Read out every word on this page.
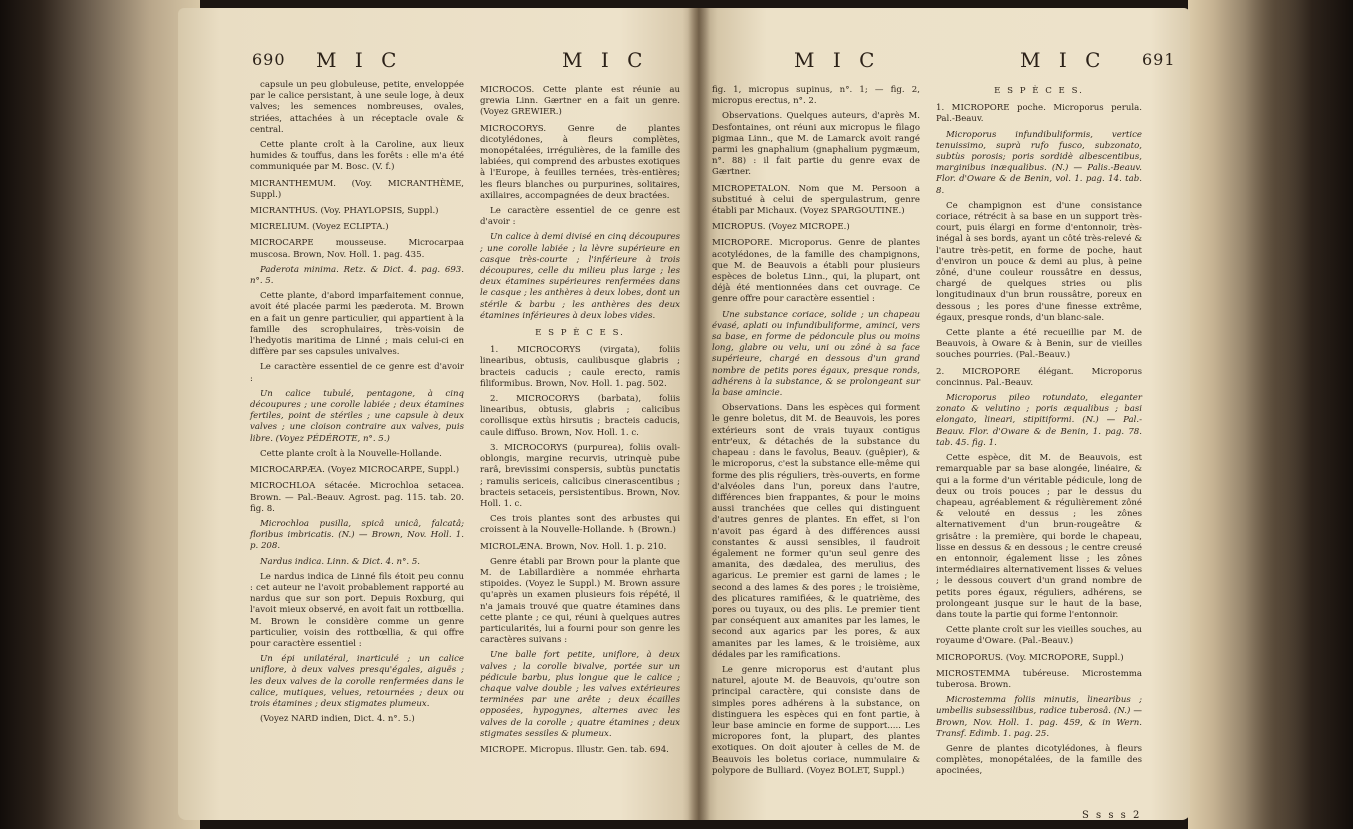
690 M I C	M I C	M I C	M I C 691

capsule un peu globuleuse, petite, enveloppée par le calice persistant, à une seule loge, à deux valves; les semences nombreuses, ovales, striées, attachées à un réceptacle ovale & central.

Cette plante croît à la Caroline, aux lieux humides & touffus, dans les forêts : elle m'a été communiquée par M. Bosc. (V. f.)

MICRANTHEMUM. (Voy. MICRANTHÈME, Suppl.)

MICRANTHUS. (Voy. PHAYLOPSIS, Suppl.)

MICRELIUM. (Voyez ECLIPTA.)

MICROCARPE mousseuse. Microcarpaa muscosa. Brown, Nov. Holl. 1. pag. 435.

Paderota minima. Retz. & Dict. 4. pag. 693. n°. 5.

Cette plante, d'abord imparfaitement connue, avoit été placée parmi les pæderota. M. Brown en a fait un genre particulier, qui appartient à la famille des scrophulaires, très-voisin de l'hedyotis maritima de Linné ; mais celui-ci en diffère par ses capsules univalves.

Le caractère essentiel de ce genre est d'avoir :

Un calice tubulé, pentagone, à cinq découpures ; une corolle labiée ; deux étamines fertiles, point de stériles ; une capsule à deux valves ; une cloison contraire aux valves, puis libre. (Voyez PÉDÉROTE, n°. 5.)

Cette plante croît à la Nouvelle-Hollande.

MICROCARPÆA. (Voyez MICROCARPE, Suppl.)

MICROCHLOA sétacée. Microchloa setacea. Brown. — Pal.-Beauv. Agrost. pag. 115. tab. 20. fig. 8.

Microchloa pusilla, spicâ unicâ, falcatâ; floribus imbricatis. (N.) — Brown, Nov. Holl. 1. p. 208.

Nardus indica. Linn. & Dict. 4. n°. 5.

Le nardus indica de Linné fils étoit peu connu : cet auteur ne l'avoit probablement rapporté au nardus que sur son port. Depuis Roxburg, qui l'avoit mieux observé, en avoit fait un rottbœllia. M. Brown le considère comme un genre particulier, voisin des rottbœllia, & qui offre pour caractère essentiel :

Un épi unilatéral, inarticulé ; un calice uniflore, à deux valves presqu'égales, aiguës ; les deux valves de la corolle renfermées dans le calice, mutiques, velues, retournées ; deux ou trois étamines ; deux stigmates plumeux.

(Voyez NARD indien, Dict. 4. n°. 5.)

MICROCOS. Cette plante est réunie au grewia Linn. Gærtner en a fait un genre. (Voyez GREWIER.)

MICROCORYS. Genre de plantes dicotylédones, à fleurs complètes, monopétalées, irrégulières, de la famille des labiées, qui comprend des arbustes exotiques à l'Europe, à feuilles ternées, très-entières; les fleurs blanches ou purpurines, solitaires, axillaires, accompagnées de deux bractées.

Le caractère essentiel de ce genre est d'avoir :

Un calice à demi divisé en cinq découpures ; une corolle labiée ; la lèvre supérieure en casque très-courte ; l'inférieure à trois découpures, celle du milieu plus large ; les deux étamines supérieures renfermées dans le casque ; les anthères à deux lobes, dont un stérile & barbu ; les anthères des deux étamines inférieures à deux lobes vides.

E S P È C E S.

1. MICROCORYS (virgata), foliis linearibus, obtusis, caulibusque glabris ; bracteis caducis ; caule erecto, ramis filiformibus. Brown, Nov. Holl. 1. pag. 502.

2. MICROCORYS (barbata), foliis linearibus, obtusis, glabris ; calicibus corollisque extùs hirsutis ; bracteis caducis, caule diffuso. Brown, Nov. Holl. 1. c.

3. MICROCORYS (purpurea), foliis ovali-oblongis, margine recurvis, utrinquè pube rarâ, brevissimi conspersis, subtùs punctatis ; ramulis sericeis, calicibus cinerascentibus ; bracteis setaceis, persistentibus. Brown, Nov. Holl. 1. c.

Ces trois plantes sont des arbustes qui croissent à la Nouvelle-Hollande. ♄ (Brown.)

MICROLÆNA. Brown, Nov. Holl. 1. p. 210.

Genre établi par Brown pour la plante que M. de Labillardière a nommée ehrharta stipoides. (Voyez le Suppl.) M. Brown assure qu'après un examen plusieurs fois répété, il n'a jamais trouvé que quatre étamines dans cette plante ; ce qui, réuni à quelques autres particularités, lui a fourni pour son genre les caractères suivans :

Une balle fort petite, uniflore, à deux valves ; la corolle bivalve, portée sur un pédicule barbu, plus longue que le calice ; chaque valve double ; les valves extérieures terminées par une arête ; deux écailles opposées, hypogynes, alternes avec les valves de la corolle ; quatre étamines ; deux stigmates sessiles & plumeux.

MICROPE. Micropus. Illustr. Gen. tab. 694.

fig. 1, micropus supinus, n°. 1; — fig. 2, micropus erectus, n°. 2.

Observations. Quelques auteurs, d'après M. Desfontaines, ont réuni aux micropus le filago pigmaa Linn., que M. de Lamarck avoit rangé parmi les gnaphalium (gnaphalium pygmæum, n°. 88) : il fait partie du genre evax de Gærtner.

MICROPETALON. Nom que M. Persoon a substitué à celui de spergulastrum, genre établi par Michaux. (Voyez SPARGOUTINE.)

MICROPUS. (Voyez MICROPE.)

MICROPORE. Microporus. Genre de plantes acotylédones, de la famille des champignons, que M. de Beauvois a établi pour plusieurs espèces de boletus Linn., qui, la plupart, ont déjà été mentionnées dans cet ouvrage. Ce genre offre pour caractère essentiel :

Une substance coriace, solide ; un chapeau évasé, aplati ou infundibuliforme, aminci, vers sa base, en forme de pédoncule plus ou moins long, glabre ou velu, uni ou zôné à sa face supérieure, chargé en dessous d'un grand nombre de petits pores égaux, presque ronds, adhérens à la substance, & se prolongeant sur la base amincie.

Observations. Dans les espèces qui forment le genre boletus, dit M. de Beauvois, les pores extérieurs sont de vrais tuyaux contigus entr'eux, & détachés de la substance du chapeau : dans le favolus, Beauv. (guêpier), & le microporus, c'est la substance elle-même qui forme des plis réguliers, très-ouverts, en forme d'alvéoles dans l'un, poreux dans l'autre, différences bien frappantes, & pour le moins aussi tranchées que celles qui distinguent d'autres genres de plantes. En effet, si l'on n'avoit pas égard à des différences aussi constantes & aussi sensibles, il faudroit également ne former qu'un seul genre des amanita, des dædalea, des merulius, des agaricus. Le premier est garni de lames ; le second a des lames & des pores ; le troisième, des plicatures ramifiées, & le quatrième, des pores ou tuyaux, ou des plis. Le premier tient par conséquent aux amanites par les lames, le second aux agarics par les pores, & aux amanites par les lames, & le troisième, aux dédales par les ramifications.

Le genre microporus est d'autant plus naturel, ajoute M. de Beauvois, qu'outre son principal caractère, qui consiste dans de simples pores adhérens à la substance, on distinguera les espèces qui en font partie, à leur base amincie en forme de support..... Les micropores font, la plupart, des plantes exotiques. On doit ajouter à celles de M. de Beauvois les boletus coriace, nummulaire & polypore de Bulliard. (Voyez BOLET, Suppl.)

E S P È C E S.

1. MICROPORE poche. Microporus perula. Pal.-Beauv.

Microporus infundibuliformis, vertice tenuissimo, suprà rufo fusco, subzonato, subtùs porosis; poris sordidè albescentibus, marginibus inæqualibus. (N.) — Palis.-Beauv. Flor. d'Oware & de Benin, vol. 1. pag. 14. tab. 8.

Ce champignon est d'une consistance coriace, rétrécit à sa base en un support très-court, puis élargi en forme d'entonnoir, très-inégal à ses bords, ayant un côté très-relevé & l'autre très-petit, en forme de poche, haut d'environ un pouce & demi au plus, à peine zôné, d'une couleur roussâtre en dessus, chargé de quelques stries ou plis longitudinaux d'un brun roussâtre, poreux en dessous ; les pores d'une finesse extrême, égaux, presque ronds, d'un blanc-sale.

Cette plante a été recueillie par M. de Beauvois, à Oware & à Benin, sur de vieilles souches pourries. (Pal.-Beauv.)

2. MICROPORE élégant. Microporus concinnus. Pal.-Beauv.

Microporus pileo rotundato, eleganter zonato & velutino ; poris æqualibus ; basi elongato, lineari, stipitiformi. (N.) — Pal.-Beauv. Flor. d'Oware & de Benin, 1. pag. 78. tab. 45. fig. 1.

Cette espèce, dit M. de Beauvois, est remarquable par sa base alongée, linéaire, & qui a la forme d'un véritable pédicule, long de deux ou trois pouces ; par le dessus du chapeau, agréablement & régulièrement zôné & velouté en dessus ; les zônes alternativement d'un brun-rougeâtre & grisâtre : la première, qui borde le chapeau, lisse en dessus & en dessous ; le centre creusé en entonnoir, également lisse ; les zônes intermédiaires alternativement lisses & velues ; le dessous couvert d'un grand nombre de petits pores égaux, réguliers, adhérens, se prolongeant jusque sur le haut de la base, dans toute la partie qui forme l'entonnoir.

Cette plante croît sur les vieilles souches, au royaume d'Oware. (Pal.-Beauv.)

MICROPORUS. (Voy. MICROPORE, Suppl.)

MICROSTEMMA tubéreuse. Microstemma tuberosa. Brown.

Microstemma foliis minutis, linearibus ; umbellis subsessilibus, radice tuberosâ. (N.) — Brown, Nov. Holl. 1. pag. 459, & in Wern. Transf. Edimb. 1. pag. 25.

Genre de plantes dicotylédones, à fleurs complètes, monopétalées, de la famille des apocinées,

S s s s 2
